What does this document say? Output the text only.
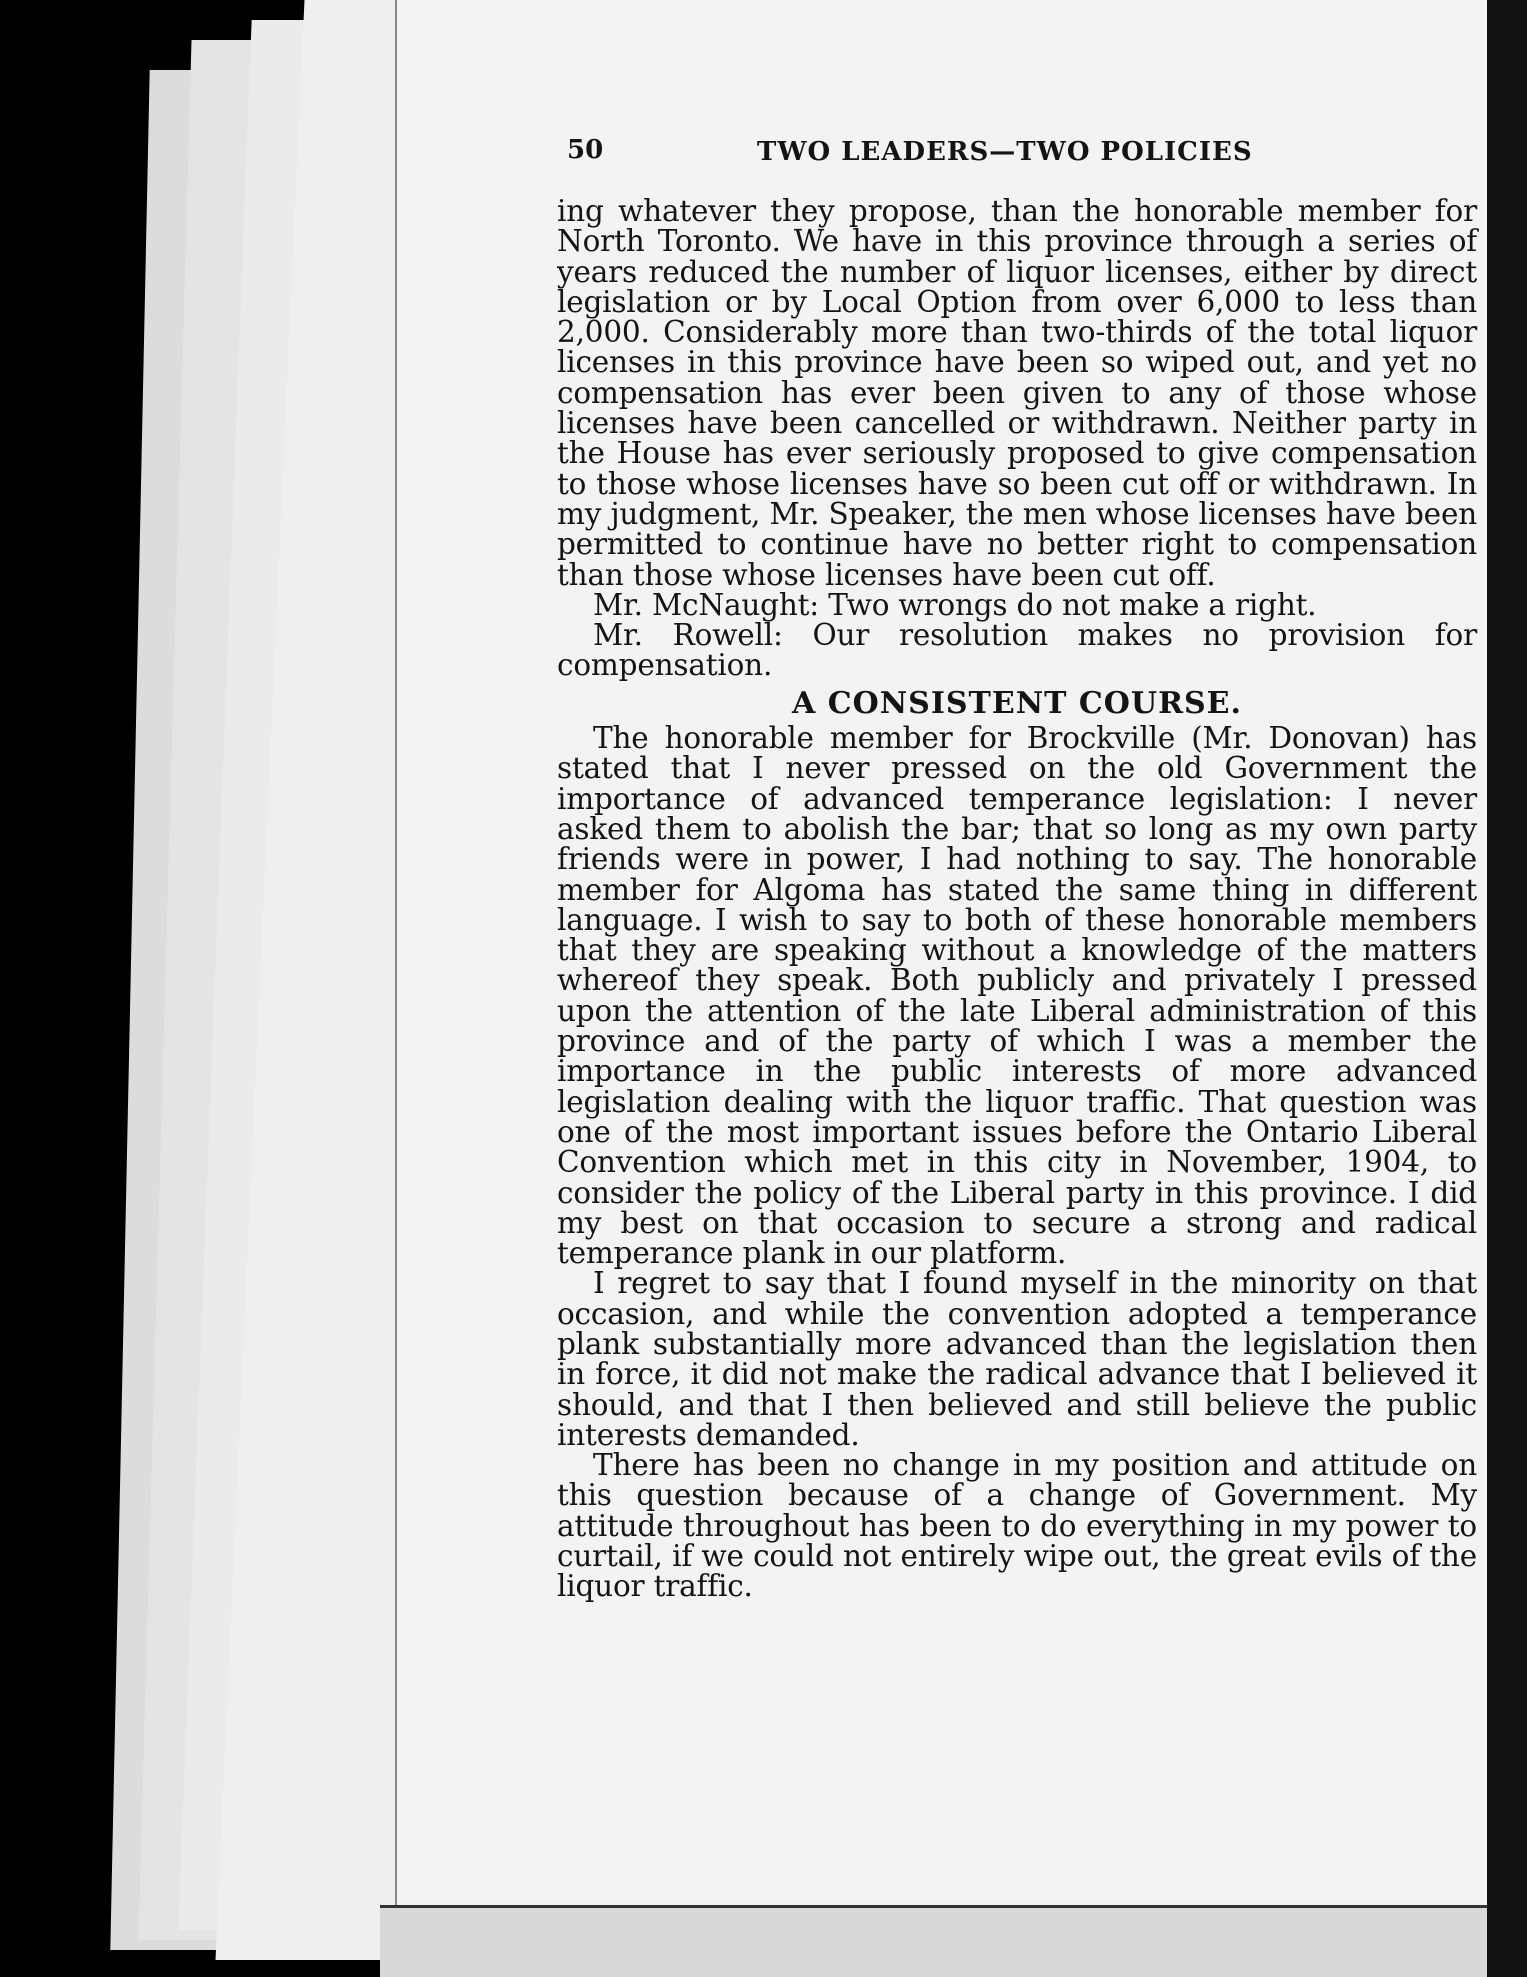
50	TWO LEADERS—TWO POLICIES

ing whatever they propose, than the honorable member for North Toronto. We have in this province through a series of years reduced the number of liquor licenses, either by direct legislation or by Local Option from over 6,000 to less than 2,000. Considerably more than two-thirds of the total liquor licenses in this province have been so wiped out, and yet no compensation has ever been given to any of those whose licenses have been cancelled or withdrawn. Neither party in the House has ever seriously proposed to give compensation to those whose licenses have so been cut off or withdrawn. In my judgment, Mr. Speaker, the men whose licenses have been permitted to continue have no better right to compensation than those whose licenses have been cut off.

Mr. McNaught: Two wrongs do not make a right.

Mr. Rowell: Our resolution makes no provision for compensation.

A CONSISTENT COURSE.

The honorable member for Brockville (Mr. Donovan) has stated that I never pressed on the old Government the importance of advanced temperance legislation: I never asked them to abolish the bar; that so long as my own party friends were in power, I had nothing to say. The honorable member for Algoma has stated the same thing in different language. I wish to say to both of these honorable members that they are speaking without a knowledge of the matters whereof they speak. Both publicly and privately I pressed upon the attention of the late Liberal administration of this province and of the party of which I was a member the importance in the public interests of more advanced legislation dealing with the liquor traffic. That question was one of the most important issues before the Ontario Liberal Convention which met in this city in November, 1904, to consider the policy of the Liberal party in this province. I did my best on that occasion to secure a strong and radical temperance plank in our platform.

I regret to say that I found myself in the minority on that occasion, and while the convention adopted a temperance plank substantially more advanced than the legislation then in force, it did not make the radical advance that I believed it should, and that I then believed and still believe the public interests demanded.

There has been no change in my position and attitude on this question because of a change of Government. My attitude throughout has been to do everything in my power to curtail, if we could not entirely wipe out, the great evils of the liquor traffic.
